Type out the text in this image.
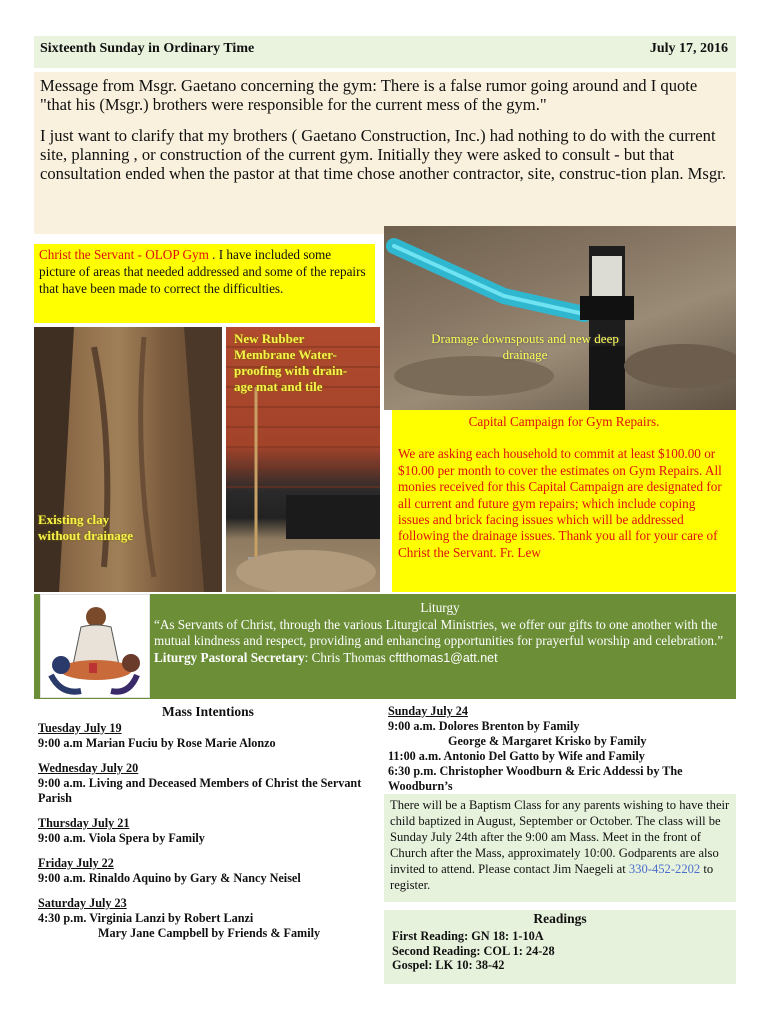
Sixteenth Sunday in Ordinary Time	July 17, 2016

Message from Msgr. Gaetano concerning the gym: There is a false rumor going around and I quote "that his (Msgr.) brothers were responsible for the current mess of the gym."

I just want to clarify that my brothers ( Gaetano Construction, Inc.) had nothing to do with the current site, planning , or construction of the current gym. Initially they were asked to consult - but that consultation ended when the pastor at that time chose another contractor, site, construc-tion plan. Msgr.

Dramage downspouts and new deep drainage
Christ the Servant - OLOP Gym . I have included some picture of areas that needed addressed and some of the repairs that have been made to correct the difficulties.
Existing clay without drainage
New Rubber Membrane Water-proofing with drain-age mat and tile
Capital Campaign for Gym Repairs.
We are asking each household to commit at least $100.00 or $10.00 per month to cover the estimates on Gym Repairs. All monies received for this Capital Campaign are designated for all current and future gym repairs; which include coping issues and brick facing issues which will be addressed following the drainage issues. Thank you all for your care of Christ the Servant. Fr. Lew
Liturgy
“As Servants of Christ, through the various Liturgical Ministries, we offer our gifts to one another with the mutual kindness and respect, providing and enhancing opportunities for prayerful worship and celebration.”
Liturgy Pastoral Secretary: Chris Thomas cftthomas1@att.net
Mass Intentions
Tuesday July 19
9:00 a.m Marian Fuciu by Rose Marie Alonzo
Wednesday July 20
9:00 a.m. Living and Deceased Members of Christ the Servant Parish
Thursday July 21
9:00 a.m. Viola Spera by Family
Friday July 22
9:00 a.m. Rinaldo Aquino by Gary & Nancy Neisel
Saturday July 23
4:30 p.m. Virginia Lanzi by Robert Lanzi
Mary Jane Campbell by Friends & Family
Sunday July 24
9:00 a.m. Dolores Brenton by Family
George & Margaret Krisko by Family
11:00 a.m. Antonio Del Gatto by Wife and Family
6:30 p.m. Christopher Woodburn & Eric Addessi by The Woodburn’s
There will be a Baptism Class for any parents wishing to have their child baptized in August, September or October. The class will be Sunday July 24th after the 9:00 am Mass. Meet in the front of Church after the Mass, approximately 10:00. Godparents are also invited to attend. Please contact Jim Naegeli at 330-452-2202 to register.
Readings
First Reading: GN 18: 1-10A
Second Reading: COL 1: 24-28
Gospel: LK 10: 38-42
